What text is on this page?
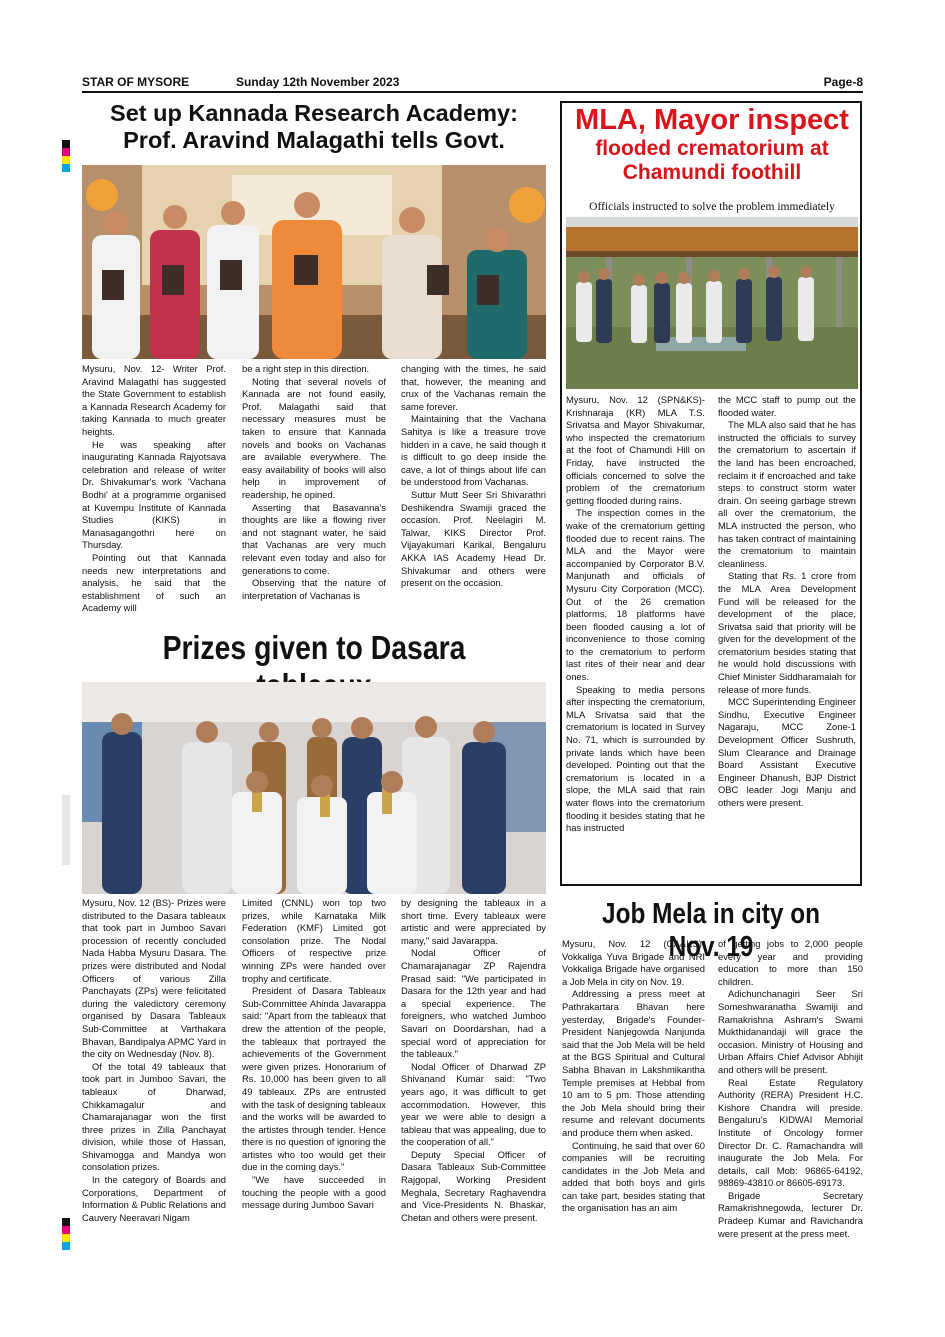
STAR OF MYSORE	Sunday 12th November 2023	Page-8
Set up Kannada Research Academy:
Prof. Aravind Malagathi tells Govt.

Mysuru, Nov. 12- Writer Prof. Aravind Malagathi has suggested the State Government to establish a Kannada Research Academy for taking Kannada to much greater heights.

He was speaking after inaugurating Kannada Rajyotsava celebration and release of writer Dr. Shivakumar's work 'Vachana Bodhi' at a programme organised at Kuvempu Institute of Kannada Studies (KIKS) in Manasagangothri here on Thursday.

Pointing out that Kannada needs new interpretations and analysis, he said that the establishment of such an Academy will

be a right step in this direction.

Noting that several novels of Kannada are not found easily, Prof. Malagathi said that necessary measures must be taken to ensure that Kannada novels and books on Vachanas are available everywhere. The easy availability of books will also help in improvement of readership, he opined.

Asserting that Basavanna's thoughts are like a flowing river and not stagnant water, he said that Vachanas are very much relevant even today and also for generations to come.

Observing that the nature of interpretation of Vachanas is

changing with the times, he said that, however, the meaning and crux of the Vachanas remain the same forever.

Maintaining that the Vachana Sahitya is like a treasure trove hidden in a cave, he said though it is difficult to go deep inside the cave, a lot of things about life can be understood from Vachanas.

Suttur Mutt Seer Sri Shivarathri Deshikendra Swamiji graced the occasion. Prof. Neelagiri M. Talwar, KIKS Director Prof. Vijayakumari Karikal, Bengaluru AKKA IAS Academy Head Dr. Shivakumar and others were present on the occasion.

Prizes given to Dasara

Mysuru, Nov. 12 (BS)- Prizes were distributed to the Dasara tableaux that took part in Jumboo Savari procession of recently concluded Nada Habba Mysuru Dasara. The prizes were distributed and Nodal Officers of various Zilla Panchayats (ZPs) were felicitated during the valedictory ceremony organised by Dasara Tableaux Sub-Committee at Varthakara Bhavan, Bandipalya APMC Yard in the city on Wednesday (Nov. 8).

Of the total 49 tableaux that took part in Jumboo Savari, the tableaux of Dharwad, Chikkamagalur and Chamarajanagar won the first three prizes in Zilla Panchayat division, while those of Hassan, Shivamogga and Mandya won consolation prizes.

In the category of Boards and Corporations, Department of Information & Public Relations and Cauvery Neeravari Nigam

Limited (CNNL) won top two prizes, while Karnataka Milk Federation (KMF) Limited got consolation prize. The Nodal Officers of respective prize winning ZPs were handed over trophy and certificate.

President of Dasara Tableaux Sub-Committee Ahinda Javarappa said: "Apart from the tableaux that drew the attention of the people, the tableaux that portrayed the achievements of the Government were given prizes. Honorarium of Rs. 10,000 has been given to all 49 tableaux. ZPs are entrusted with the task of designing tableaux and the works will be awarded to the artistes through tender. Hence there is no question of ignoring the artistes who too would get their due in the coming days."

"We have succeeded in touching the people with a good message during Jumboo Savari

by designing the tableaux in a short time. Every tableaux were artistic and were appreciated by many," said Javarappa.

Nodal Officer of Chamarajanagar ZP Rajendra Prasad said: "We participated in Dasara for the 12th year and had a special experience. The foreigners, who watched Jumboo Savari on Doordarshan, had a special word of appreciation for the tableaux."

Nodal Officer of Dharwad ZP Shivanand Kumar said: "Two years ago, it was difficult to get accommodation. However, this year we were able to design a tableau that was appealing, due to the cooperation of all."

Deputy Special Officer of Dasara Tableaux Sub-Committee Rajgopal, Working President Meghala, Secretary Raghavendra and Vice-Presidents N. Bhaskar, Chetan and others were present.

MLA, Mayor inspect
flooded crematorium at
Chamundi foothill
Officials instructed to solve the problem immediately

Mysuru, Nov. 12 (SPN&KS)- Krishnaraja (KR) MLA T.S. Srivatsa and Mayor Shivakumar, who inspected the crematorium at the foot of Chamundi Hill on Friday, have instructed the officials concerned to solve the problem of the crematorium getting flooded during rains.

The inspection comes in the wake of the crematorium getting flooded due to recent rains. The MLA and the Mayor were accompanied by Corporator B.V. Manjunath and officials of Mysuru City Corporation (MCC). Out of the 26 cremation platforms, 18 platforms have been flooded causing a lot of inconvenience to those coming to the crematorium to perform last rites of their near and dear ones.

Speaking to media persons after inspecting the crematorium, MLA Srivatsa said that the crematorium is located in Survey No. 71, which is surrounded by private lands which have been developed. Pointing out that the crematorium is located in a slope, the MLA said that rain water flows into the crematorium flooding it besides stating that he has instructed

the MCC staff to pump out the flooded water.

The MLA also said that he has instructed the officials to survey the crematorium to ascertain if the land has been encroached, reclaim it if encroached and take steps to construct storm water drain. On seeing garbage strewn all over the crematorium, the MLA instructed the person, who has taken contract of maintaining the crematorium to maintain cleanliness.

Stating that Rs. 1 crore from the MLA Area Development Fund will be released for the development of the place, Srivatsa said that priority will be given for the development of the crematorium besides stating that he would hold discussions with Chief Minister Siddharamaiah for release of more funds.

MCC Superintending Engineer Sindhu, Executive Engineer Nagaraju, MCC Zone-1 Development Officer Sushruth, Slum Clearance and Drainage Board Assistant Executive Engineer Dhanush, BJP District OBC leader Jogi Manju and others were present.

Job Mela in city on Nov. 19

Mysuru, Nov. 12 (GA&KS)- Vokkaliga Yuva Brigade and NRI Vokkaliga Brigade have organised a Job Mela in city on Nov. 19.

Addressing a press meet at Pathrakartara Bhavan here yesterday, Brigade's Founder-President Nanjegowda Nanjunda said that the Job Mela will be held at the BGS Spiritual and Cultural Sabha Bhavan in Lakshmikantha Temple premises at Hebbal from 10 am to 5 pm. Those attending the Job Mela should bring their resume and relevant documents and produce them when asked.

Continuing, he said that over 60 companies will be recruiting candidates in the Job Mela and added that both boys and girls can take part, besides stating that the organisation has an aim

of getting jobs to 2,000 people every year and providing education to more than 150 children.

Adichunchanagiri Seer Sri Someshwaranatha Swamiji and Ramakrishna Ashram's Swami Mukthidanandaji will grace the occasion. Ministry of Housing and Urban Affairs Chief Advisor Abhijit and others will be present.

Real Estate Regulatory Authority (RERA) President H.C. Kishore Chandra will preside. Bengaluru's KIDWAI Memorial Institute of Oncology former Director Dr. C. Ramachandra will inaugurate the Job Mela. For details, call Mob: 96865-64192, 98869-43810 or 86605-69173.

Brigade Secretary Ramakrishnegowda, lecturer Dr. Pradeep Kumar and Ravichandra were present at the press meet.
